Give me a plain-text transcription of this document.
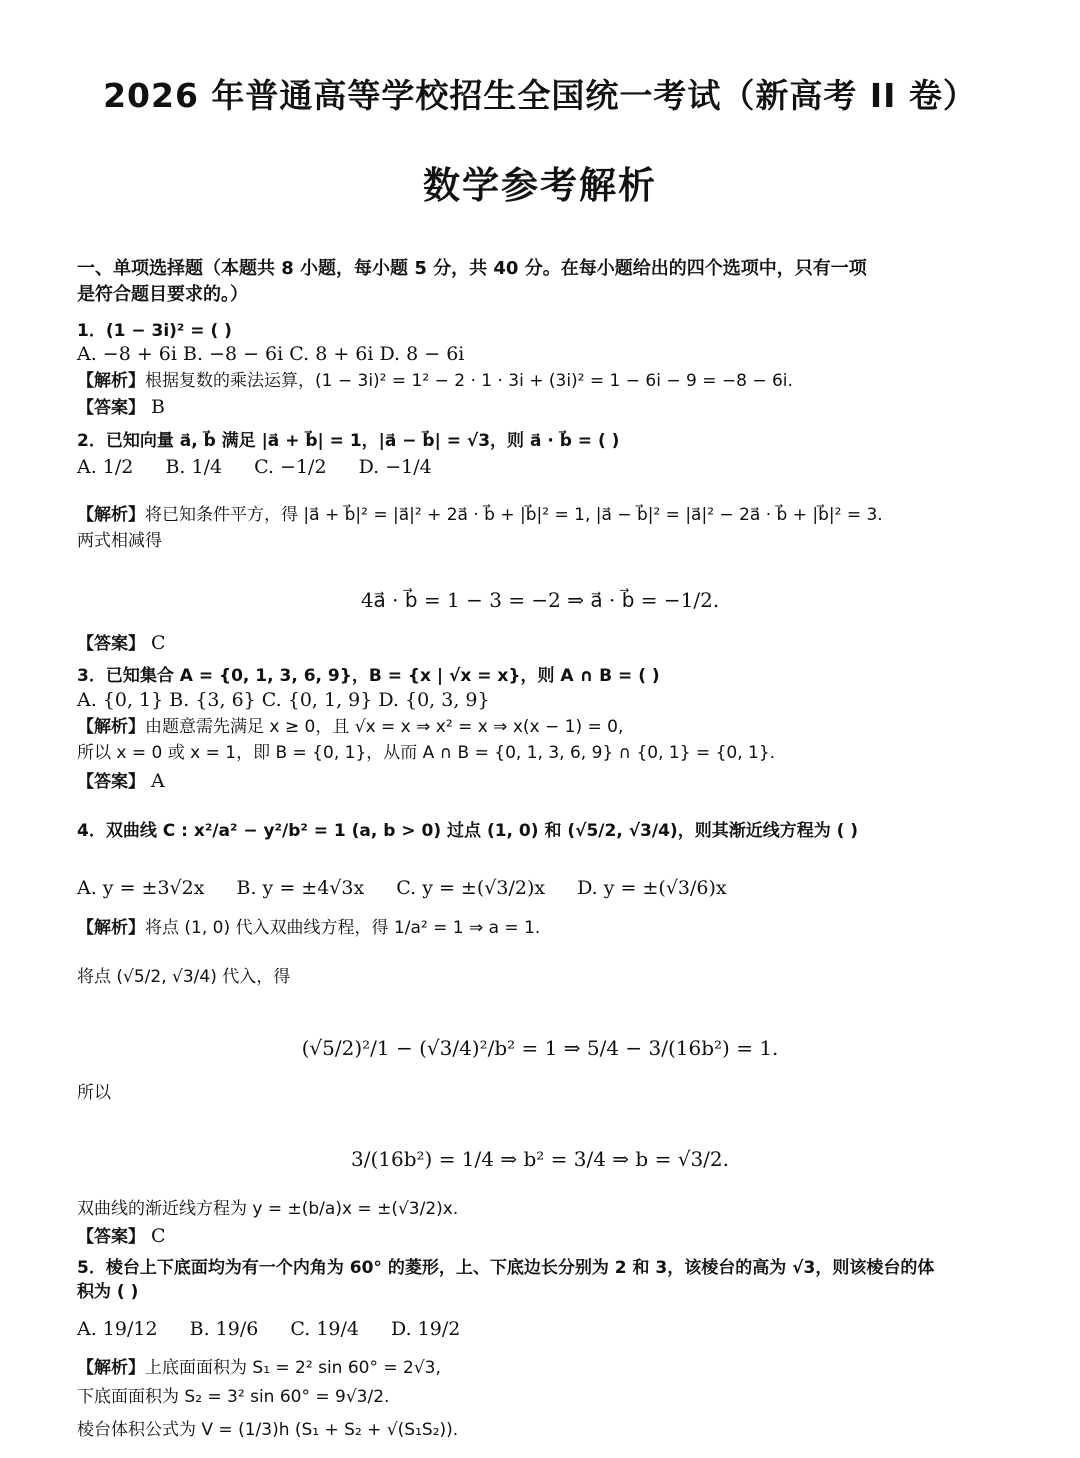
2026 年普通高等学校招生全国统一考试（新高考 II 卷）
数学参考解析
一、单项选择题（本题共 8 小题，每小题 5 分，共 40 分。在每小题给出的四个选项中，只有一项
是符合题目要求的。）
1．(1 − 3i)² = ( )
A. −8 + 6i B. −8 − 6i C. 8 + 6i D. 8 − 6i
【解析】根据复数的乘法运算，(1 − 3i)² = 1² − 2 · 1 · 3i + (3i)² = 1 − 6i − 9 = −8 − 6i.
【答案】 B
2．已知向量 a⃗, b⃗ 满足 |a⃗ + b⃗| = 1，|a⃗ − b⃗| = √3，则 a⃗ · b⃗ = ( )
A. 1/2 B. 1/4 C. −1/2 D. −1/4
【解析】将已知条件平方，得 |a⃗ + b⃗|² = |a⃗|² + 2a⃗ · b⃗ + |b⃗|² = 1, |a⃗ − b⃗|² = |a⃗|² − 2a⃗ · b⃗ + |b⃗|² = 3.
两式相减得
4a⃗ · b⃗ = 1 − 3 = −2 ⇒ a⃗ · b⃗ = −1/2.
【答案】 C
3．已知集合 A = {0, 1, 3, 6, 9}，B = {x | √x = x}，则 A ∩ B = ( )
A. {0, 1} B. {3, 6} C. {0, 1, 9} D. {0, 3, 9}
【解析】由题意需先满足 x ≥ 0，且 √x = x ⇒ x² = x ⇒ x(x − 1) = 0,
所以 x = 0 或 x = 1，即 B = {0, 1}，从而 A ∩ B = {0, 1, 3, 6, 9} ∩ {0, 1} = {0, 1}.
【答案】 A
4．双曲线 C : x²/a² − y²/b² = 1 (a, b > 0) 过点 (1, 0) 和 (√5/2, √3/4)，则其渐近线方程为 ( )
A. y = ±3√2x B. y = ±4√3x C. y = ±(√3/2)x D. y = ±(√3/6)x
【解析】将点 (1, 0) 代入双曲线方程，得 1/a² = 1 ⇒ a = 1.
将点 (√5/2, √3/4) 代入，得
(√5/2)²/1 − (√3/4)²/b² = 1 ⇒ 5/4 − 3/(16b²) = 1.
所以
3/(16b²) = 1/4 ⇒ b² = 3/4 ⇒ b = √3/2.
双曲线的渐近线方程为 y = ±(b/a)x = ±(√3/2)x.
【答案】 C
5．棱台上下底面均为有一个内角为 60° 的菱形，上、下底边长分别为 2 和 3，该棱台的高为 √3，则该棱台的体
积为 ( )
A. 19/12 B. 19/6 C. 19/4 D. 19/2
【解析】上底面面积为 S₁ = 2² sin 60° = 2√3,
下底面面积为 S₂ = 3² sin 60° = 9√3/2.
棱台体积公式为 V = (1/3)h (S₁ + S₂ + √(S₁S₂)).
